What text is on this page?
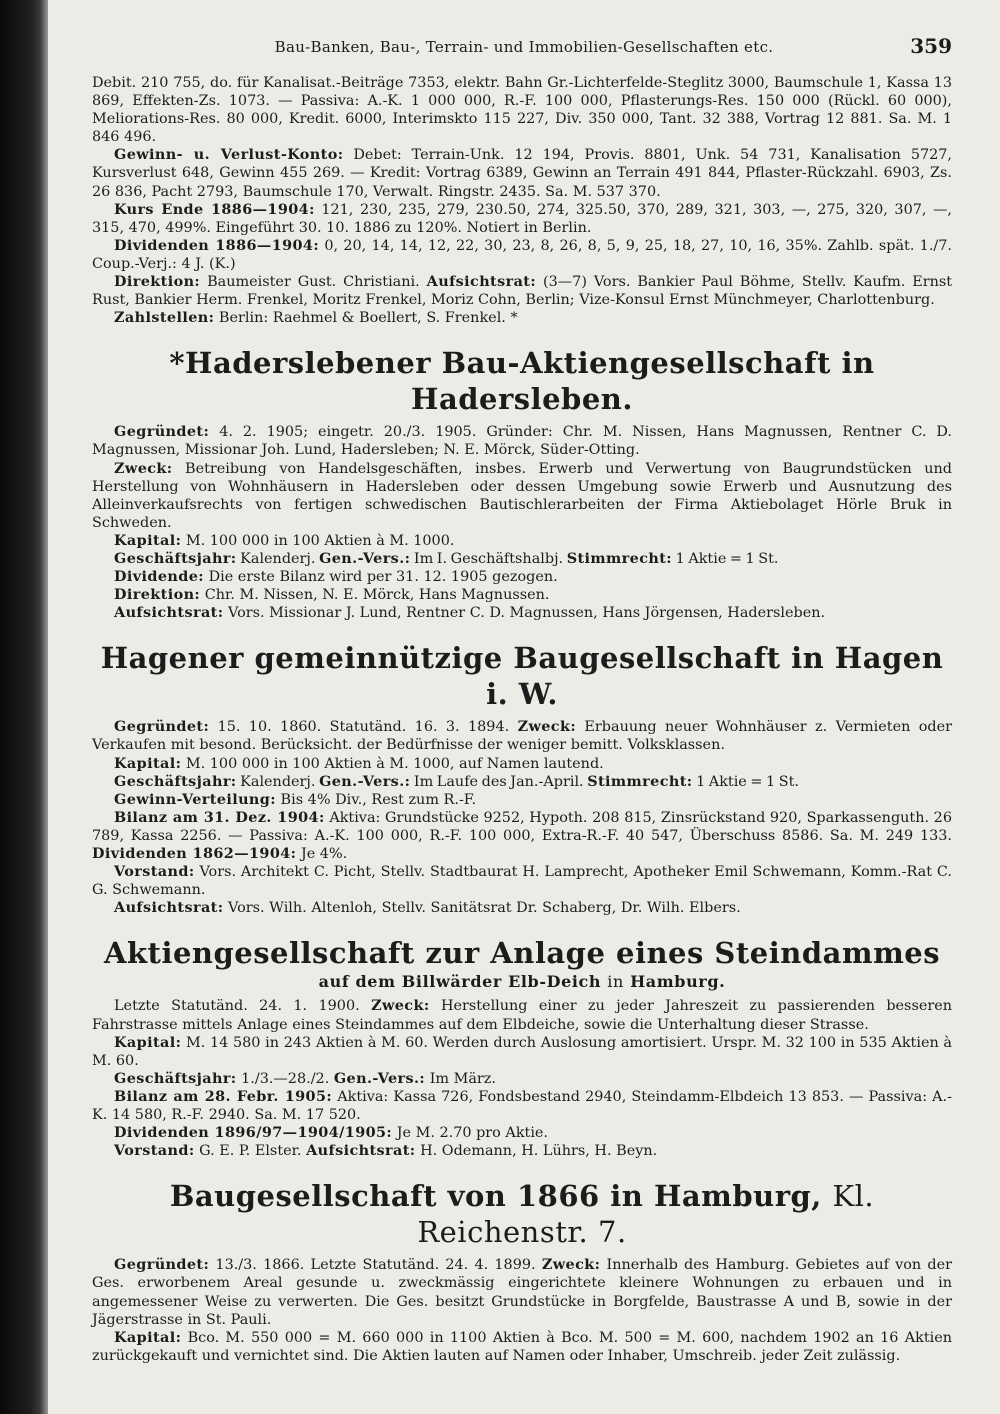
Bau-Banken, Bau-, Terrain- und Immobilien-Gesellschaften etc.	359

Debit. 210 755, do. für Kanalisat.-Beiträge 7353, elektr. Bahn Gr.-Lichterfelde-Steglitz 3000, Baumschule 1, Kassa 13 869, Effekten-Zs. 1073. — Passiva: A.-K. 1 000 000, R.-F. 100 000, Pflasterungs-Res. 150 000 (Rückl. 60 000), Meliorations-Res. 80 000, Kredit. 6000, Interimskto 115 227, Div. 350 000, Tant. 32 388, Vortrag 12 881. Sa. M. 1 846 496.

Gewinn- u. Verlust-Konto: Debet: Terrain-Unk. 12 194, Provis. 8801, Unk. 54 731, Kanalisation 5727, Kursverlust 648, Gewinn 455 269. — Kredit: Vortrag 6389, Gewinn an Terrain 491 844, Pflaster-Rückzahl. 6903, Zs. 26 836, Pacht 2793, Baumschule 170, Verwalt. Ringstr. 2435. Sa. M. 537 370.

Kurs Ende 1886—1904: 121, 230, 235, 279, 230.50, 274, 325.50, 370, 289, 321, 303, —, 275, 320, 307, —, 315, 470, 499%. Eingeführt 30. 10. 1886 zu 120%. Notiert in Berlin.

Dividenden 1886—1904: 0, 20, 14, 14, 12, 22, 30, 23, 8, 26, 8, 5, 9, 25, 18, 27, 10, 16, 35%. Zahlb. spät. 1./7. Coup.-Verj.: 4 J. (K.)

Direktion: Baumeister Gust. Christiani. Aufsichtsrat: (3—7) Vors. Bankier Paul Böhme, Stellv. Kaufm. Ernst Rust, Bankier Herm. Frenkel, Moritz Frenkel, Moriz Cohn, Berlin; Vize-Konsul Ernst Münchmeyer, Charlottenburg.

Zahlstellen: Berlin: Raehmel & Boellert, S. Frenkel. *

*Haderslebener Bau-Aktiengesellschaft in Hadersleben.

Gegründet: 4. 2. 1905; eingetr. 20./3. 1905. Gründer: Chr. M. Nissen, Hans Magnussen, Rentner C. D. Magnussen, Missionar Joh. Lund, Hadersleben; N. E. Mörck, Süder-Otting.

Zweck: Betreibung von Handelsgeschäften, insbes. Erwerb und Verwertung von Baugrundstücken und Herstellung von Wohnhäusern in Hadersleben oder dessen Umgebung sowie Erwerb und Ausnutzung des Alleinverkaufsrechts von fertigen schwedischen Bautischlerarbeiten der Firma Aktiebolaget Hörle Bruk in Schweden.

Kapital: M. 100 000 in 100 Aktien à M. 1000.

Geschäftsjahr: Kalenderj. Gen.-Vers.: Im I. Geschäftshalbj. Stimmrecht: 1 Aktie = 1 St.

Dividende: Die erste Bilanz wird per 31. 12. 1905 gezogen.

Direktion: Chr. M. Nissen, N. E. Mörck, Hans Magnussen.

Aufsichtsrat: Vors. Missionar J. Lund, Rentner C. D. Magnussen, Hans Jörgensen, Hadersleben.

Hagener gemeinnützige Baugesellschaft in Hagen i. W.

Gegründet: 15. 10. 1860. Statutänd. 16. 3. 1894. Zweck: Erbauung neuer Wohnhäuser z. Vermieten oder Verkaufen mit besond. Berücksicht. der Bedürfnisse der weniger bemitt. Volksklassen.

Kapital: M. 100 000 in 100 Aktien à M. 1000, auf Namen lautend.

Geschäftsjahr: Kalenderj. Gen.-Vers.: Im Laufe des Jan.-April. Stimmrecht: 1 Aktie = 1 St.

Gewinn-Verteilung: Bis 4% Div., Rest zum R.-F.

Bilanz am 31. Dez. 1904: Aktiva: Grundstücke 9252, Hypoth. 208 815, Zinsrückstand 920, Sparkassenguth. 26 789, Kassa 2256. — Passiva: A.-K. 100 000, R.-F. 100 000, Extra-R.-F. 40 547, Überschuss 8586. Sa. M. 249 133. Dividenden 1862—1904: Je 4%.

Vorstand: Vors. Architekt C. Picht, Stellv. Stadtbaurat H. Lamprecht, Apotheker Emil Schwemann, Komm.-Rat C. G. Schwemann.

Aufsichtsrat: Vors. Wilh. Altenloh, Stellv. Sanitätsrat Dr. Schaberg, Dr. Wilh. Elbers.

Aktiengesellschaft zur Anlage eines Steindammes
auf dem Billwärder Elb-Deich in Hamburg.

Letzte Statutänd. 24. 1. 1900. Zweck: Herstellung einer zu jeder Jahreszeit zu passierenden besseren Fahrstrasse mittels Anlage eines Steindammes auf dem Elbdeiche, sowie die Unterhaltung dieser Strasse.

Kapital: M. 14 580 in 243 Aktien à M. 60. Werden durch Auslosung amortisiert. Urspr. M. 32 100 in 535 Aktien à M. 60.

Geschäftsjahr: 1./3.—28./2. Gen.-Vers.: Im März.

Bilanz am 28. Febr. 1905: Aktiva: Kassa 726, Fondsbestand 2940, Steindamm-Elbdeich 13 853. — Passiva: A.-K. 14 580, R.-F. 2940. Sa. M. 17 520.

Dividenden 1896/97—1904/1905: Je M. 2.70 pro Aktie.

Vorstand: G. E. P. Elster. Aufsichtsrat: H. Odemann, H. Lührs, H. Beyn.

Baugesellschaft von 1866 in Hamburg, Kl. Reichenstr. 7.

Gegründet: 13./3. 1866. Letzte Statutänd. 24. 4. 1899. Zweck: Innerhalb des Hamburg. Gebietes auf von der Ges. erworbenem Areal gesunde u. zweckmässig eingerichtete kleinere Wohnungen zu erbauen und in angemessener Weise zu verwerten. Die Ges. besitzt Grundstücke in Borgfelde, Baustrasse A und B, sowie in der Jägerstrasse in St. Pauli.

Kapital: Bco. M. 550 000 = M. 660 000 in 1100 Aktien à Bco. M. 500 = M. 600, nachdem 1902 an 16 Aktien zurückgekauft und vernichtet sind. Die Aktien lauten auf Namen oder Inhaber, Umschreib. jeder Zeit zulässig.
